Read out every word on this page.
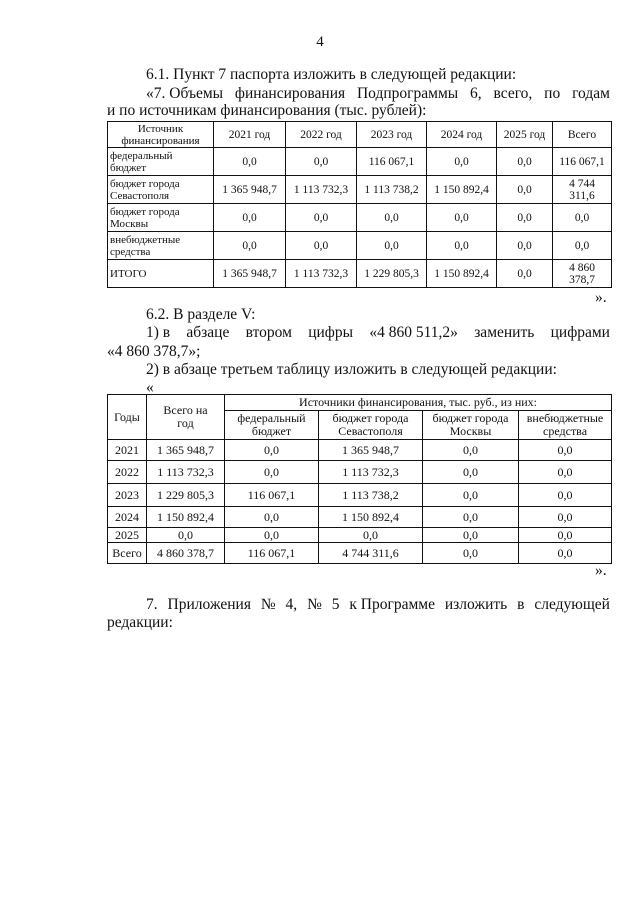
4
6.1. Пункт 7 паспорта изложить в следующей редакции:
«7. Объемы финансирования Подпрограммы 6, всего, по годам
и по источникам финансирования (тыс. рублей):
Источник финансирования	2021 год	2022 год	2023 год	2024 год	2025 год	Всего
федеральный бюджет	0,0	0,0	116 067,1	0,0	0,0	116 067,1
бюджет города Севастополя	1 365 948,7	1 113 732,3	1 113 738,2	1 150 892,4	0,0	4 744 311,6
бюджет города Москвы	0,0	0,0	0,0	0,0	0,0	0,0
внебюджетные средства	0,0	0,0	0,0	0,0	0,0	0,0
ИТОГО	1 365 948,7	1 113 732,3	1 229 805,3	1 150 892,4	0,0	4 860 378,7
».
6.2. В разделе V:
1) в абзаце втором цифры «4 860 511,2» заменить цифрами
«4 860 378,7»;
2) в абзаце третьем таблицу изложить в следующей редакции:
«
Годы	Всего на год	Источники финансирования, тыс. руб., из них:			
		федеральный бюджет	бюджет города Севастополя	бюджет города Москвы	внебюджетные средства
2021	1 365 948,7	0,0	1 365 948,7	0,0	0,0
2022	1 113 732,3	0,0	1 113 732,3	0,0	0,0
2023	1 229 805,3	116 067,1	1 113 738,2	0,0	0,0
2024	1 150 892,4	0,0	1 150 892,4	0,0	0,0
2025	0,0	0,0	0,0	0,0	0,0
Всего	4 860 378,7	116 067,1	4 744 311,6	0,0	0,0
».
7. Приложения № 4, № 5 к Программе изложить в следующей
редакции:
